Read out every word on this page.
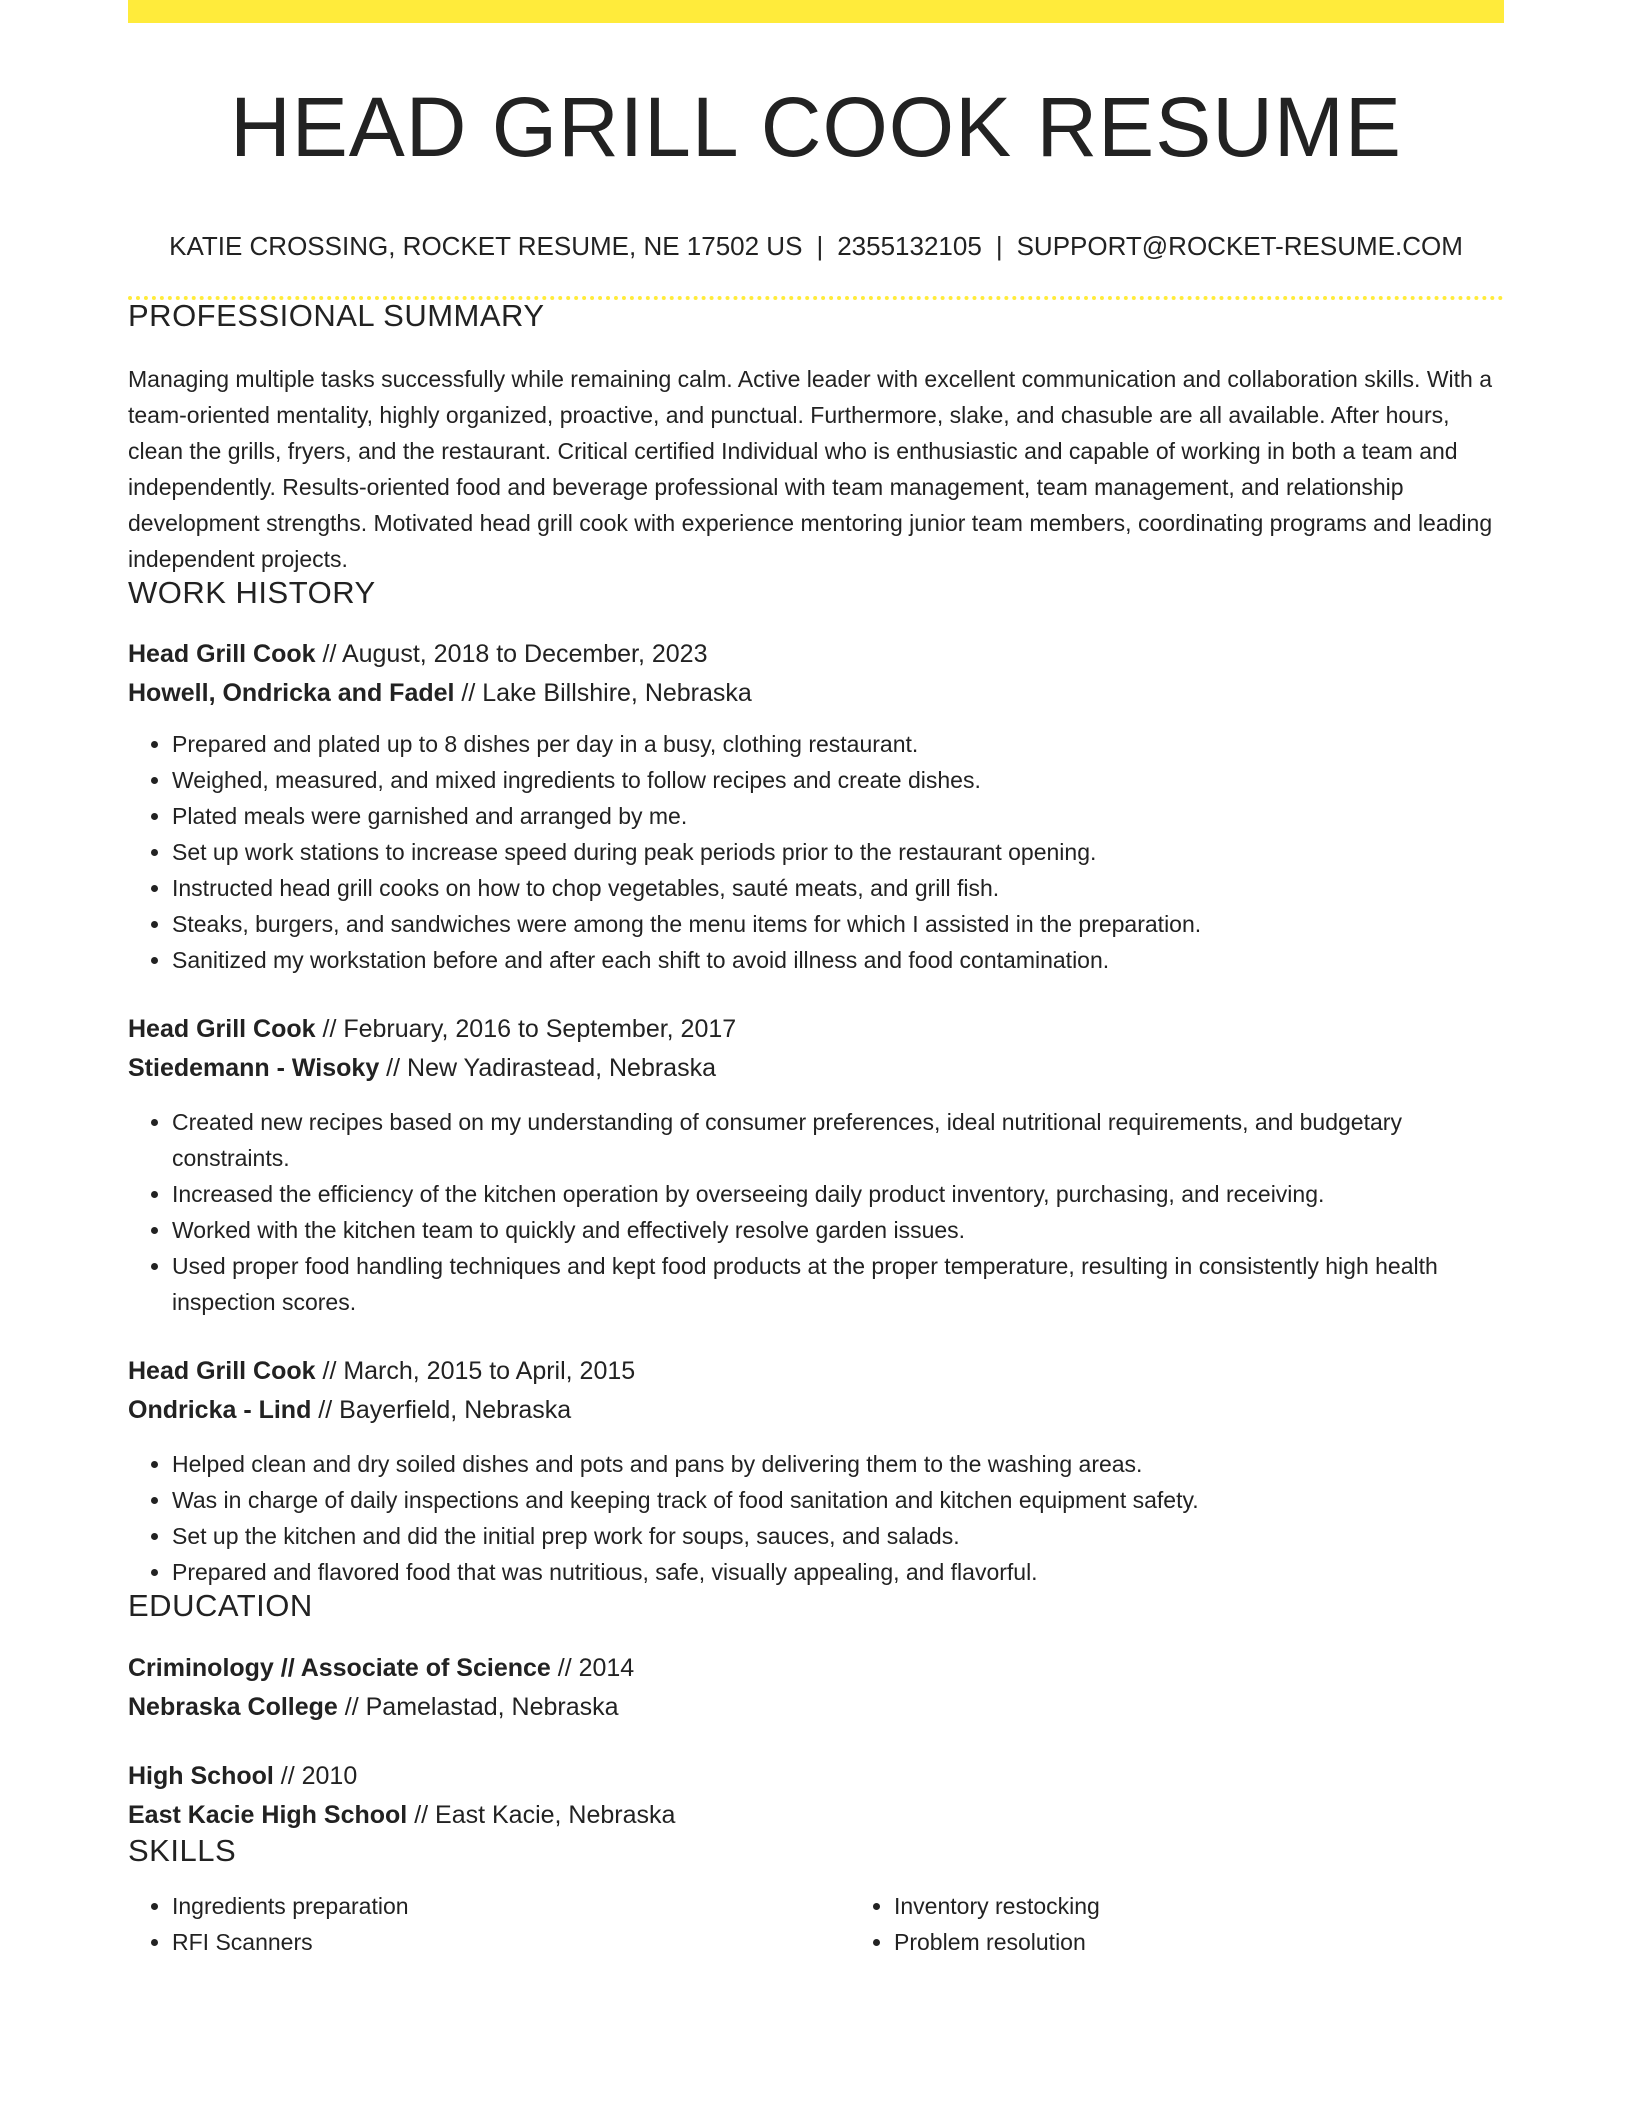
HEAD GRILL COOK RESUME
KATIE CROSSING, ROCKET RESUME, NE 17502 US | 2355132105 | SUPPORT@ROCKET-RESUME.COM
PROFESSIONAL SUMMARY
Managing multiple tasks successfully while remaining calm. Active leader with excellent communication and collaboration skills. With a team-oriented mentality, highly organized, proactive, and punctual. Furthermore, slake, and chasuble are all available. After hours, clean the grills, fryers, and the restaurant. Critical certified Individual who is enthusiastic and capable of working in both a team and independently. Results-oriented food and beverage professional with team management, team management, and relationship development strengths. Motivated head grill cook with experience mentoring junior team members, coordinating programs and leading independent projects.
WORK HISTORY
Head Grill Cook // August, 2018 to December, 2023
Howell, Ondricka and Fadel // Lake Billshire, Nebraska
• Prepared and plated up to 8 dishes per day in a busy, clothing restaurant.
• Weighed, measured, and mixed ingredients to follow recipes and create dishes.
• Plated meals were garnished and arranged by me.
• Set up work stations to increase speed during peak periods prior to the restaurant opening.
• Instructed head grill cooks on how to chop vegetables, sauté meats, and grill fish.
• Steaks, burgers, and sandwiches were among the menu items for which I assisted in the preparation.
• Sanitized my workstation before and after each shift to avoid illness and food contamination.
Head Grill Cook // February, 2016 to September, 2017
Stiedemann - Wisoky // New Yadirastead, Nebraska
• Created new recipes based on my understanding of consumer preferences, ideal nutritional requirements, and budgetary constraints.
• Increased the efficiency of the kitchen operation by overseeing daily product inventory, purchasing, and receiving.
• Worked with the kitchen team to quickly and effectively resolve garden issues.
• Used proper food handling techniques and kept food products at the proper temperature, resulting in consistently high health inspection scores.
Head Grill Cook // March, 2015 to April, 2015
Ondricka - Lind // Bayerfield, Nebraska
• Helped clean and dry soiled dishes and pots and pans by delivering them to the washing areas.
• Was in charge of daily inspections and keeping track of food sanitation and kitchen equipment safety.
• Set up the kitchen and did the initial prep work for soups, sauces, and salads.
• Prepared and flavored food that was nutritious, safe, visually appealing, and flavorful.
EDUCATION
Criminology // Associate of Science // 2014
Nebraska College // Pamelastad, Nebraska
High School // 2010
East Kacie High School // East Kacie, Nebraska
SKILLS
• Ingredients preparation
• RFI Scanners
• Inventory restocking
• Problem resolution
